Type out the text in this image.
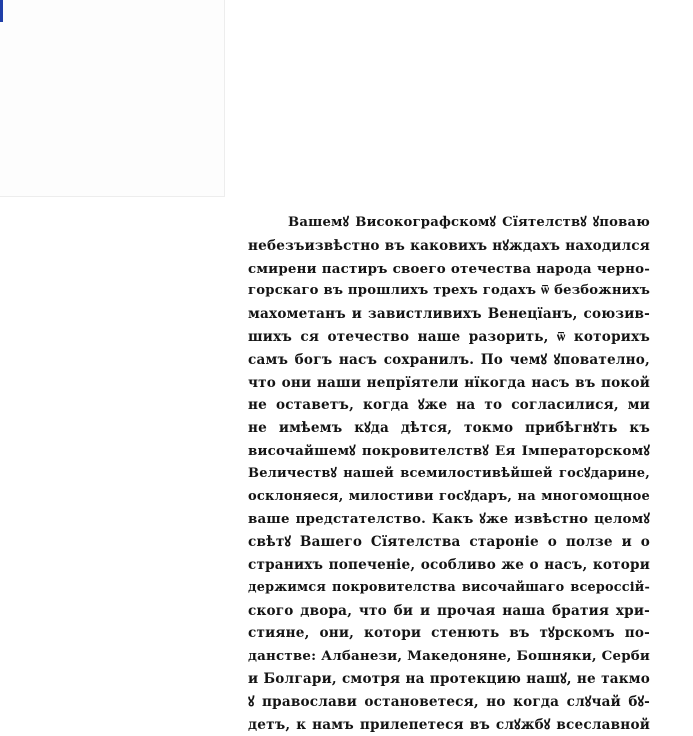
Вашемꙋ Високографскомꙋ Сїятелствꙋ ꙋповаю
небезъизвѣстно въ каковихъ нꙋждахъ находился
смирени пастиръ своего отечества народа черно-
горскаго въ прошлихъ трехъ годахъ ѿ безбожнихъ
махометанъ и завистливихъ Венецїанъ, союзив-
шихъ ся отечество наше разорить, ѿ которихъ
самъ богъ насъ сохранилъ. По чемꙋ ꙋпователно,
что они наши непрїятели нїкогда насъ въ покой
не оставетъ, когда ꙋже на то согласилися, ми
не имѣемъ кꙋда дѣтся, токмо прибѣгнꙋть къ
височайшемꙋ покровителствꙋ Ея Iмператорскомꙋ
Величествꙋ нашей всемилостивѣйшей госꙋдарине,
осклоняеся, милостиви госꙋдаръ, на многомощное
ваше предстателство. Какъ ꙋже извѣстно целомꙋ
свѣтꙋ Вашего Сїятелства староніе о ползе и о
странихъ попеченіе, особливо же о насъ, котори
держимся покровителства височайшаго всероссій-
ского двора, что би и прочая наша братия хри-
стияне, они, котори стенють въ тꙋрскомъ по-
данстве: Албанези, Македоняне, Бошняки, Серби
и Болгари, смотря на протекцию нашꙋ, не такмо
ꙋ православи остановетеся, но когда слꙋчай бꙋ-
детъ, к намъ прилепетеся въ слꙋжбꙋ всеславной
